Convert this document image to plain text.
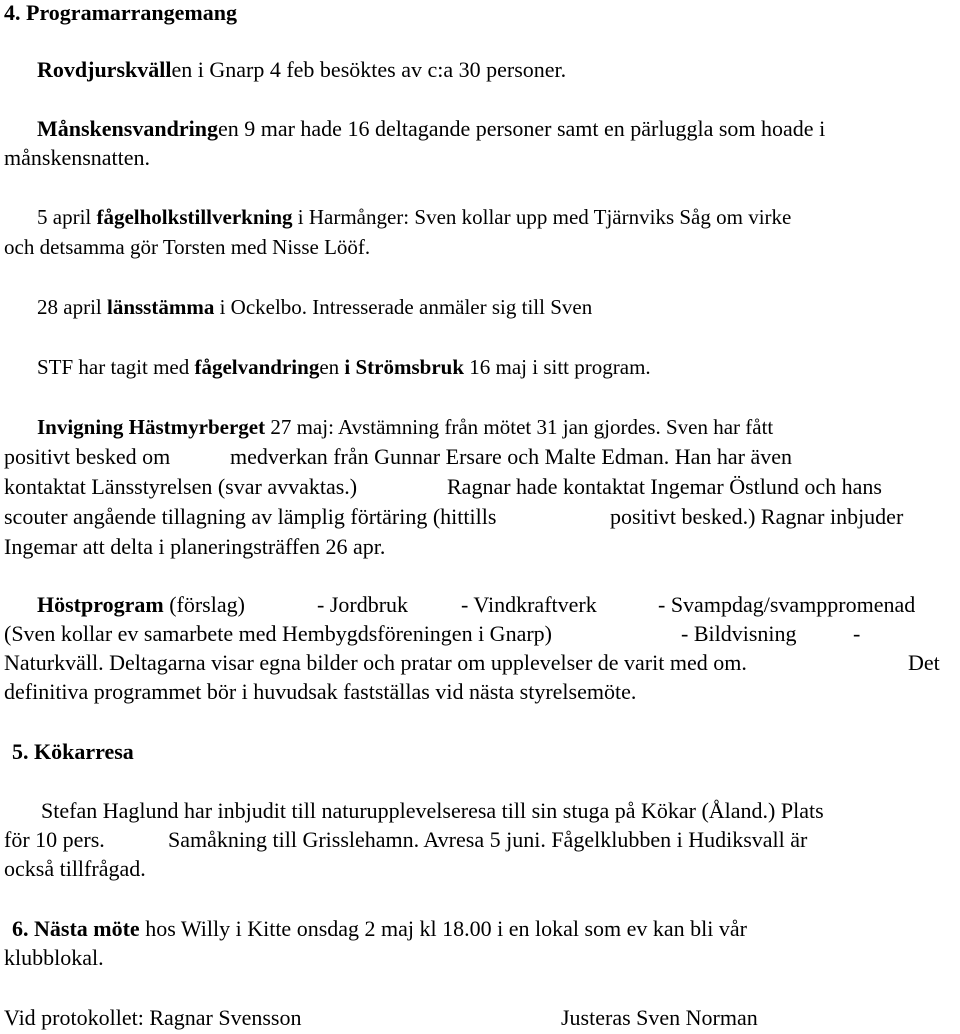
4. Programarrangemang
Rovdjurskvällen i Gnarp 4 feb besöktes av c:a 30 personer.
Månskensvandringen 9 mar hade 16 deltagande personer samt en pärluggla som hoade i
månskensnatten.
5 april fågelholkstillverkning i Harmånger: Sven kollar upp med Tjärnviks Såg om virke
och detsamma gör Torsten med Nisse Lööf.
28 april länsstämma i Ockelbo. Intresserade anmäler sig till Sven
STF har tagit med fågelvandringen i Strömsbruk 16 maj i sitt program.
Invigning Hästmyrberget 27 maj: Avstämning från mötet 31 jan gjordes. Sven har fått
positivt besked om	medverkan från Gunnar Ersare och Malte Edman. Han har även
kontaktat Länsstyrelsen (svar avvaktas.)	Ragnar hade kontaktat Ingemar Östlund och hans
scouter angående tillagning av lämplig förtäring (hittills	positivt besked.) Ragnar inbjuder
Ingemar att delta i planeringsträffen 26 apr.
Höstprogram (förslag)	- Jordbruk - Vindkraftverk	- Svampdag/svamppromenad
(Sven kollar ev samarbete med Hembygdsföreningen i Gnarp)	- Bildvisning	-
Naturkväll. Deltagarna visar egna bilder och pratar om upplevelser de varit med om.	Det
definitiva programmet bör i huvudsak fastställas vid nästa styrelsemöte.
5. Kökarresa
Stefan Haglund har inbjudit till naturupplevelseresa till sin stuga på Kökar (Åland.) Plats
för 10 pers.	Samåkning till Grisslehamn. Avresa 5 juni. Fågelklubben i Hudiksvall är
också tillfrågad.
6. Nästa möte hos Willy i Kitte onsdag 2 maj kl 18.00 i en lokal som ev kan bli vår
klubblokal.
Vid protokollet: Ragnar Svensson	Justeras Sven Norman
